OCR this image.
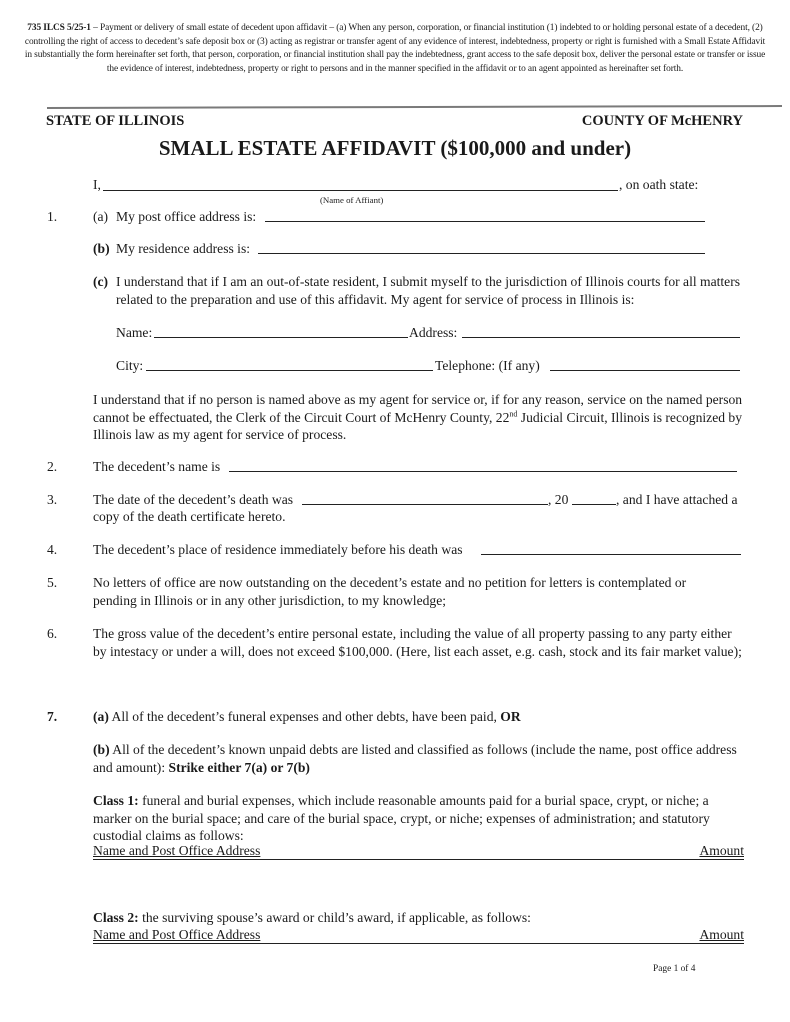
735 ILCS 5/25-1 – Payment or delivery of small estate of decedent upon affidavit – (a) When any person, corporation, or financial institution (1) indebted to or holding personal estate of a decedent, (2) controlling the right of access to decedent’s safe deposit box or (3) acting as registrar or transfer agent of any evidence of interest, indebtedness, property or right is furnished with a Small Estate Affidavit in substantially the form hereinafter set forth, that person, corporation, or financial institution shall pay the indebtedness, grant access to the safe deposit box, deliver the personal estate or transfer or issue the evidence of interest, indebtedness, property or right to persons and in the manner specified in the affidavit or to an agent appointed as hereinafter set forth.
STATE OF ILLINOIS	COUNTY OF McHENRY
SMALL ESTATE AFFIDAVIT ($100,000 and under)
I,	, on oath state:
(Name of Affiant)
1.	(a) My post office address is:
(b) My residence address is:
(c) I understand that if I am an out-of-state resident, I submit myself to the jurisdiction of Illinois courts for all matters related to the preparation and use of this affidavit. My agent for service of process in Illinois is:
Name:	Address:
City:	Telephone: (If any)
I understand that if no person is named above as my agent for service or, if for any reason, service on the named person cannot be effectuated, the Clerk of the Circuit Court of McHenry County, 22nd Judicial Circuit, Illinois is recognized by Illinois law as my agent for service of process.
2.	The decedent’s name is
3.	The date of the decedent’s death was	, 20	, and I have attached a
copy of the death certificate hereto.
4.	The decedent’s place of residence immediately before his death was
5.	No letters of office are now outstanding on the decedent’s estate and no petition for letters is contemplated or pending in Illinois or in any other jurisdiction, to my knowledge;
6.	The gross value of the decedent’s entire personal estate, including the value of all property passing to any party either by intestacy or under a will, does not exceed $100,000. (Here, list each asset, e.g. cash, stock and its fair market value);
7.	(a) All of the decedent’s funeral expenses and other debts, have been paid, OR
(b) All of the decedent’s known unpaid debts are listed and classified as follows (include the name, post office address and amount): Strike either 7(a) or 7(b)
Class 1: funeral and burial expenses, which include reasonable amounts paid for a burial space, crypt, or niche; a marker on the burial space; and care of the burial space, crypt, or niche; expenses of administration; and statutory custodial claims as follows:
Name and Post Office Address	Amount
Class 2: the surviving spouse’s award or child’s award, if applicable, as follows:
Name and Post Office Address	Amount
Page 1 of 4
